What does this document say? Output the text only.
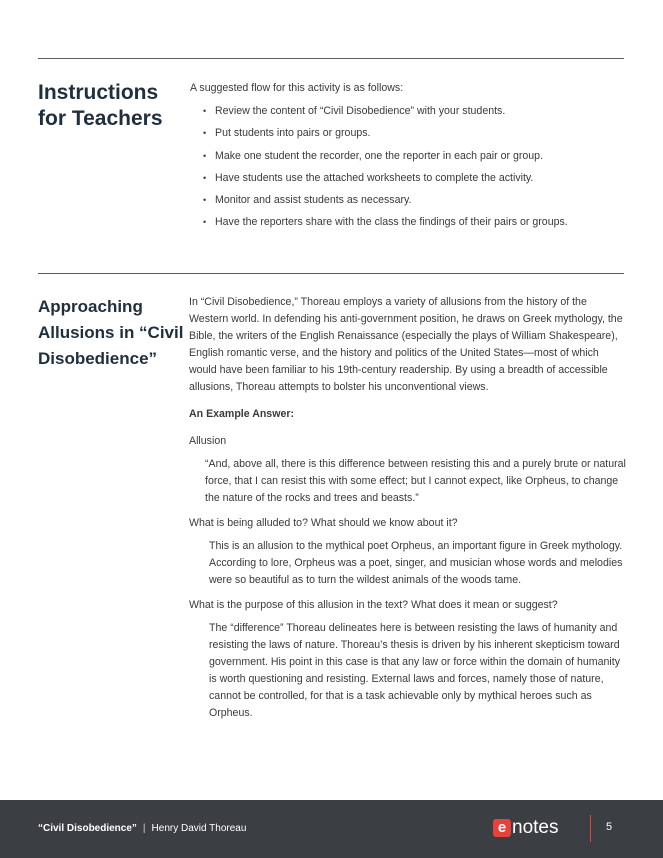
Instructions
for Teachers

A suggested flow for this activity is as follows:

• Review the content of “Civil Disobedience” with your students.
• Put students into pairs or groups.
• Make one student the recorder, one the reporter in each pair or group.
• Have students use the attached worksheets to complete the activity.
• Monitor and assist students as necessary.
• Have the reporters share with the class the findings of their pairs or groups.
Approaching
Allusions in “Civil
Disobedience”

In “Civil Disobedience,” Thoreau employs a variety of allusions from the history of the Western world. In defending his anti-government position, he draws on Greek mythology, the Bible, the writers of the English Renaissance (especially the plays of William Shakespeare), English romantic verse, and the history and politics of the United States—most of which would have been familiar to his 19th-century readership. By using a breadth of accessible allusions, Thoreau attempts to bolster his unconventional views.

An Example Answer:

Allusion

“And, above all, there is this difference between resisting this and a purely brute or natural force, that I can resist this with some effect; but I cannot expect, like Orpheus, to change the nature of the rocks and trees and beasts.”

What is being alluded to? What should we know about it?

This is an allusion to the mythical poet Orpheus, an important figure in Greek mythology. According to lore, Orpheus was a poet, singer, and musician whose words and melodies were so beautiful as to turn the wildest animals of the woods tame.

What is the purpose of this allusion in the text? What does it mean or suggest?

The “difference” Thoreau delineates here is between resisting the laws of humanity and resisting the laws of nature. Thoreau’s thesis is driven by his inherent skepticism toward government. His point in this case is that any law or force within the domain of humanity is worth questioning and resisting. External laws and forces, namely those of nature, cannot be controlled, for that is a task achievable only by mythical heroes such as Orpheus.

“Civil Disobedience” | Henry David Thoreau	e notes	5
